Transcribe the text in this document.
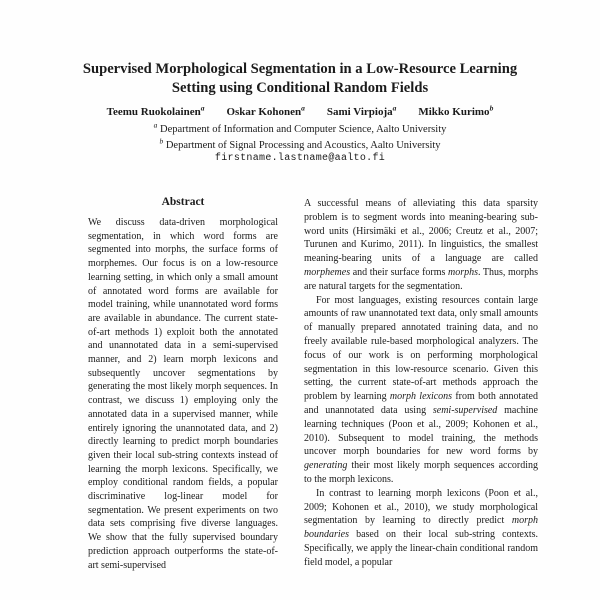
Supervised Morphological Segmentation in a Low-Resource Learning Setting using Conditional Random Fields
Teemu Ruokolainen$^a$ Oskar Kohonen$^a$ Sami Virpioja$^a$ Mikko Kurimo$^b$
$^a$ Department of Information and Computer Science, Aalto University
$^b$ Department of Signal Processing and Acoustics, Aalto University
firstname.lastname@aalto.fi
Abstract

We discuss data-driven morphological segmentation, in which word forms are segmented into morphs, the surface forms of morphemes. Our focus is on a low-resource learning setting, in which only a small amount of annotated word forms are available for model training, while unannotated word forms are available in abundance. The current state-of-art methods 1) exploit both the annotated and unannotated data in a semi-supervised manner, and 2) learn morph lexicons and subsequently uncover segmentations by generating the most likely morph sequences. In contrast, we discuss 1) employing only the annotated data in a supervised manner, while entirely ignoring the unannotated data, and 2) directly learning to predict morph boundaries given their local sub-string contexts instead of learning the morph lexicons. Specifically, we employ conditional random fields, a popular discriminative log-linear model for segmentation. We present experiments on two data sets comprising five diverse languages. We show that the fully supervised boundary prediction approach outperforms the state-of-art semi-supervised

A successful means of alleviating this data sparsity problem is to segment words into meaning-bearing sub-word units (Hirsimäki et al., 2006; Creutz et al., 2007; Turunen and Kurimo, 2011). In linguistics, the smallest meaning-bearing units of a language are called morphemes and their surface forms morphs. Thus, morphs are natural targets for the segmentation.

For most languages, existing resources contain large amounts of raw unannotated text data, only small amounts of manually prepared annotated training data, and no freely available rule-based morphological analyzers. The focus of our work is on performing morphological segmentation in this low-resource scenario. Given this setting, the current state-of-art methods approach the problem by learning morph lexicons from both annotated and unannotated data using semi-supervised machine learning techniques (Poon et al., 2009; Kohonen et al., 2010). Subsequent to model training, the methods uncover morph boundaries for new word forms by generating their most likely morph sequences according to the morph lexicons.

In contrast to learning morph lexicons (Poon et al., 2009; Kohonen et al., 2010), we study morphological segmentation by learning to directly predict morph boundaries based on their local sub-string contexts. Specifically, we apply the linear-chain conditional random field model, a popular
